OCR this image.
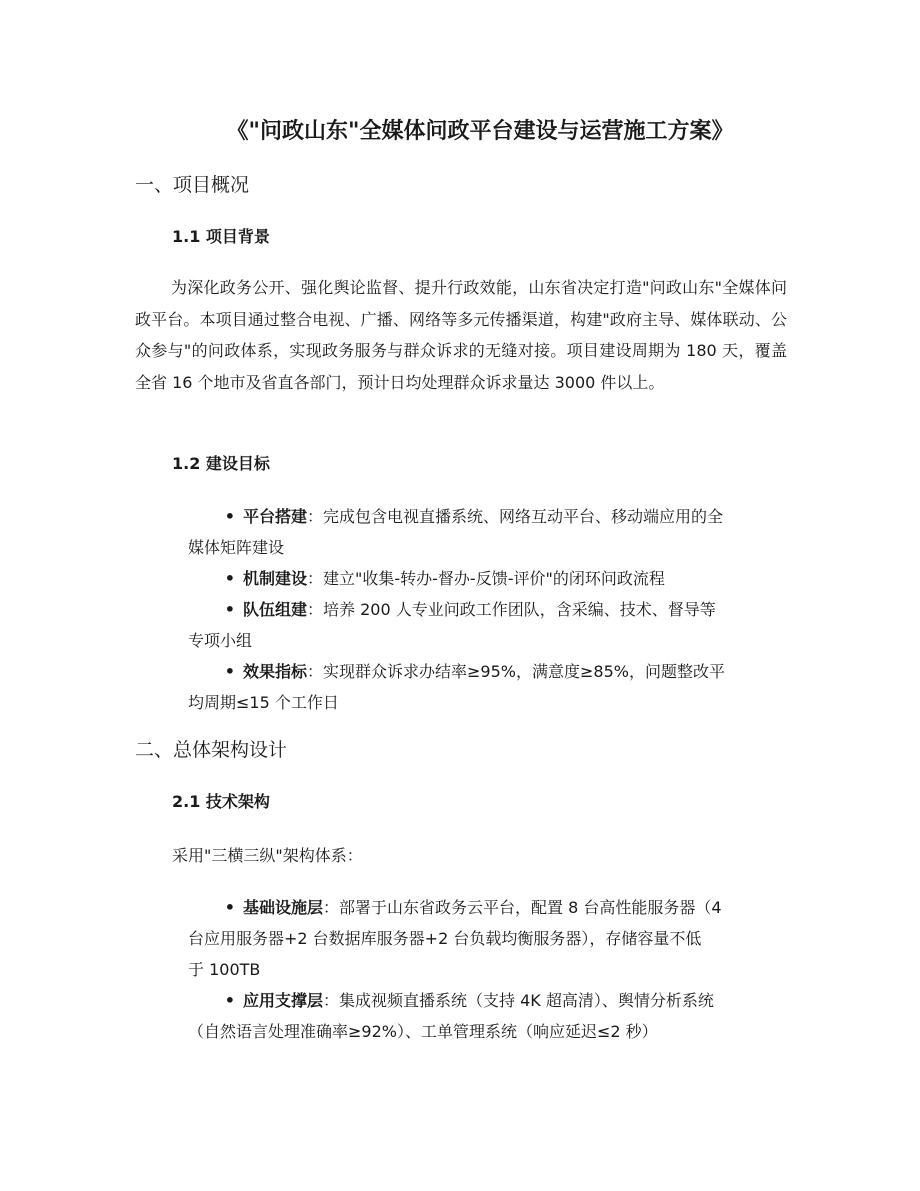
《"问政山东"全媒体问政平台建设与运营施工方案》
一、项目概况
1.1 项目背景

为深化政务公开、强化舆论监督、提升行政效能，山东省决定打造"问政山东"全媒体问政平台。本项目通过整合电视、广播、网络等多元传播渠道，构建"政府主导、媒体联动、公众参与"的问政体系，实现政务服务与群众诉求的无缝对接。项目建设周期为 180 天，覆盖全省 16 个地市及省直各部门，预计日均处理群众诉求量达 3000 件以上。

1.2 建设目标
• 平台搭建：完成包含电视直播系统、网络互动平台、移动端应用的全
媒体矩阵建设
• 机制建设：建立"收集-转办-督办-反馈-评价"的闭环问政流程
• 队伍组建：培养 200 人专业问政工作团队，含采编、技术、督导等
专项小组
• 效果指标：实现群众诉求办结率≥95%，满意度≥85%，问题整改平
均周期≤15 个工作日
二、总体架构设计
2.1 技术架构

采用"三横三纵"架构体系：

• 基础设施层：部署于山东省政务云平台，配置 8 台高性能服务器（4
台应用服务器+2 台数据库服务器+2 台负载均衡服务器），存储容量不低
于 100TB
• 应用支撑层：集成视频直播系统（支持 4K 超高清）、舆情分析系统
（自然语言处理准确率≥92%）、工单管理系统（响应延迟≤2 秒）
